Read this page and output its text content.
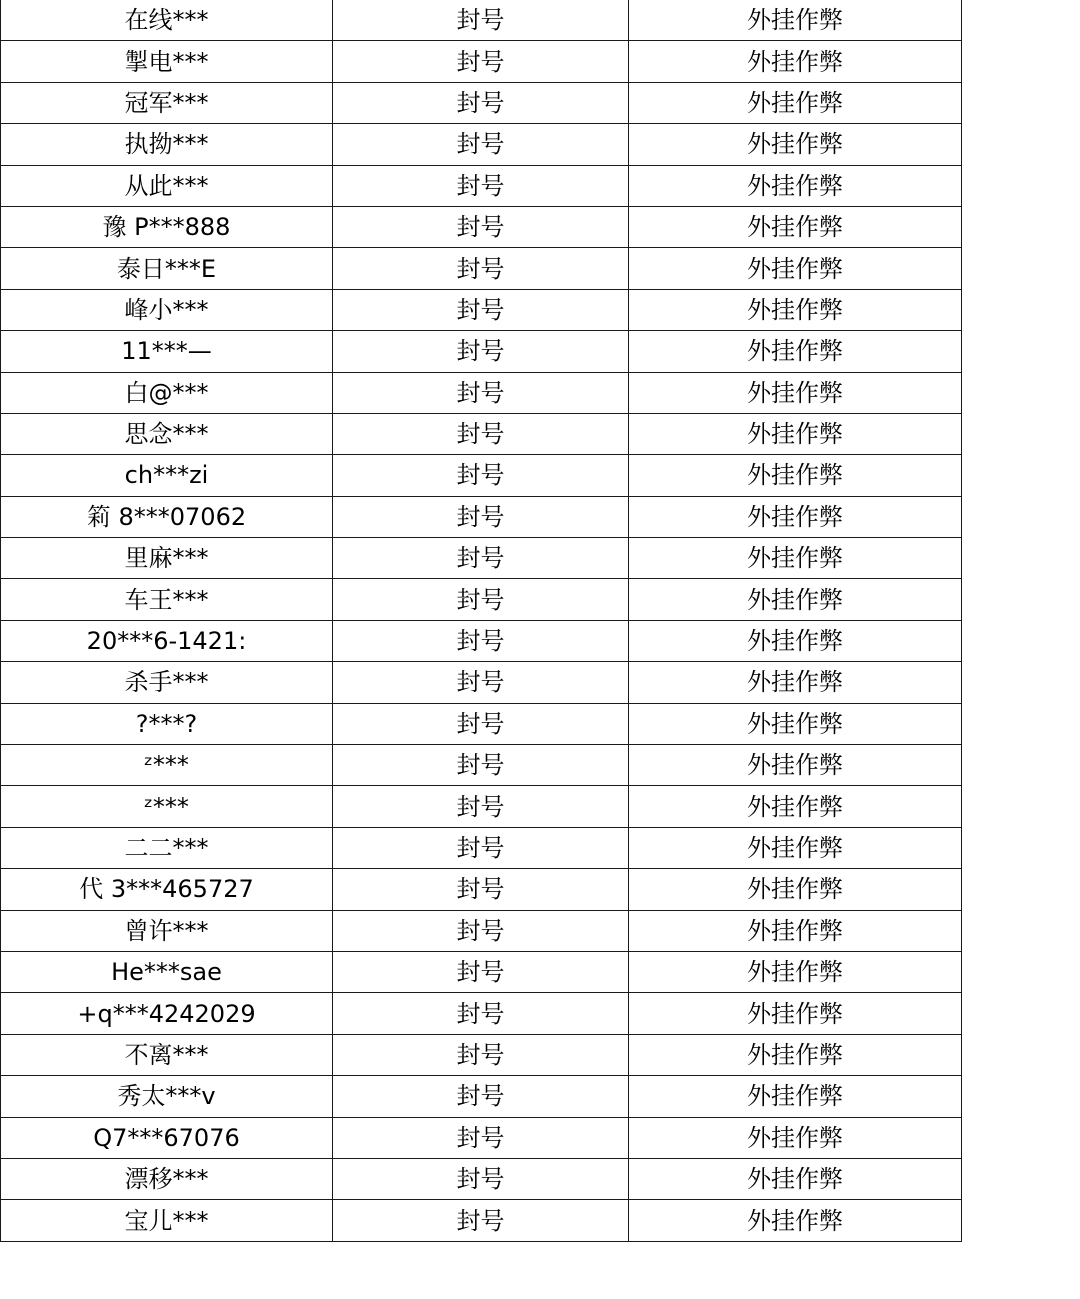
在线***	封号	外挂作弊
掣电***	封号	外挂作弊
冠军***	封号	外挂作弊
执拗***	封号	外挂作弊
从此***	封号	外挂作弊
豫 P***888	封号	外挂作弊
泰日***E	封号	外挂作弊
峰小***	封号	外挂作弊
11***—	封号	外挂作弊
白@***	封号	外挂作弊
思念***	封号	外挂作弊
ch***zi	封号	外挂作弊
筣 8***07062	封号	外挂作弊
里麻***	封号	外挂作弊
车王***	封号	外挂作弊
20***6-1421:	封号	外挂作弊
杀手***	封号	外挂作弊
?***?	封号	外挂作弊
ᶻ***	封号	外挂作弊
ᶻ***	封号	外挂作弊
二二***	封号	外挂作弊
代 3***465727	封号	外挂作弊
曾许***	封号	外挂作弊
He***sae	封号	外挂作弊
+q***4242029	封号	外挂作弊
不离***	封号	外挂作弊
秀太***v	封号	外挂作弊
Q7***67076	封号	外挂作弊
漂移***	封号	外挂作弊
宝儿***	封号	外挂作弊
